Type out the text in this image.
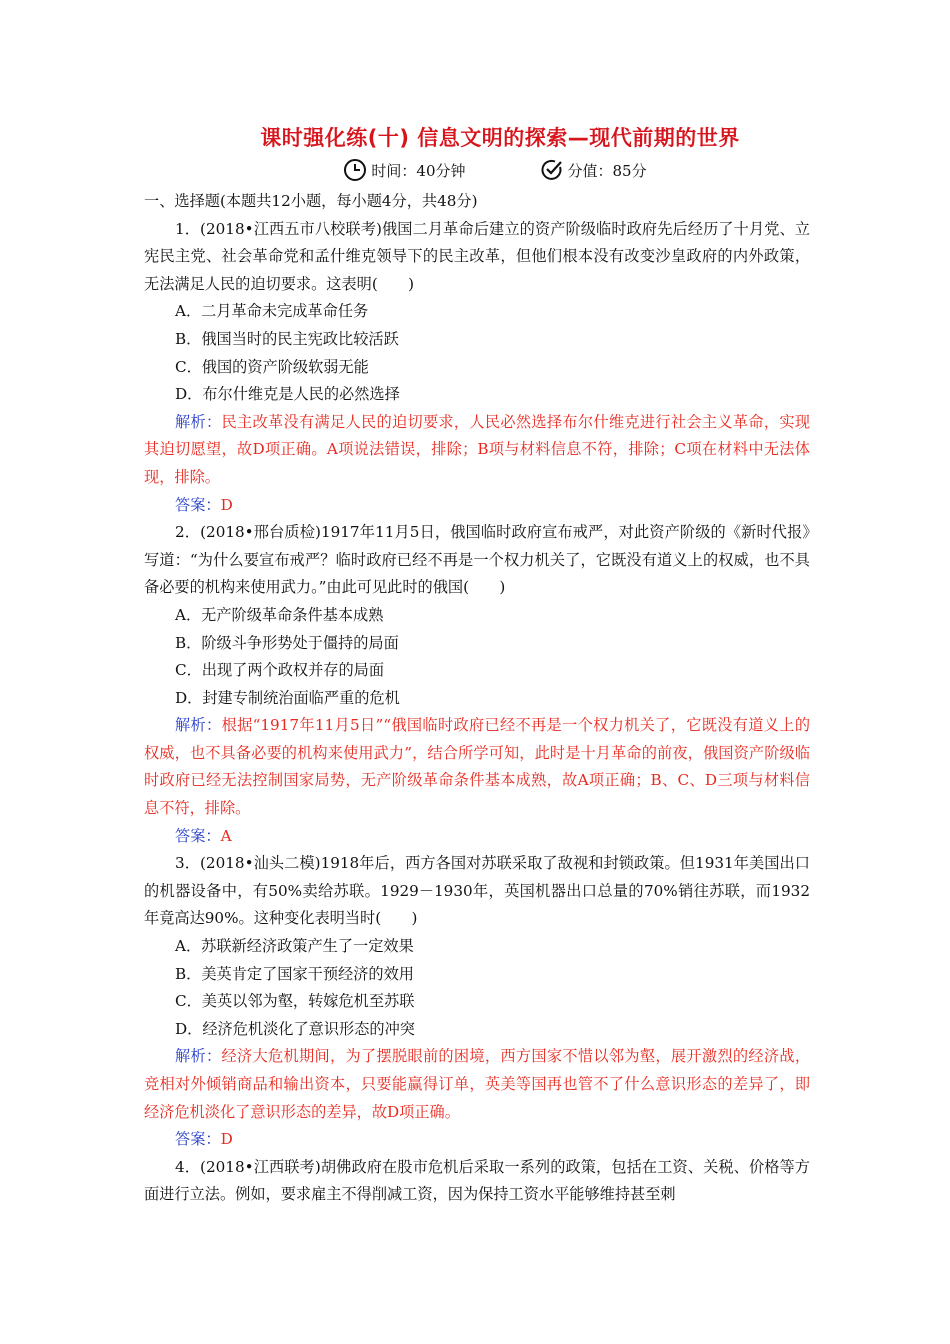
课时强化练(十) 信息文明的探索—现代前期的世界
时间：40分钟	分值：85分
一、选择题(本题共12小题，每小题4分，共48分)

1．(2018•江西五市八校联考)俄国二月革命后建立的资产阶级临时政府先后经历了十月党、立宪民主党、社会革命党和孟什维克领导下的民主改革，但他们根本没有改变沙皇政府的内外政策，无法满足人民的迫切要求。这表明(　　)

A．二月革命未完成革命任务
B．俄国当时的民主宪政比较活跃
C．俄国的资产阶级软弱无能
D．布尔什维克是人民的必然选择

解析：民主改革没有满足人民的迫切要求，人民必然选择布尔什维克进行社会主义革命，实现其迫切愿望，故D项正确。A项说法错误，排除；B项与材料信息不符，排除；C项在材料中无法体现，排除。

答案：D

2．(2018•邢台质检)1917年11月5日，俄国临时政府宣布戒严，对此资产阶级的《新时代报》写道：“为什么要宣布戒严？临时政府已经不再是一个权力机关了，它既没有道义上的权威，也不具备必要的机构来使用武力。”由此可见此时的俄国(　　)

A．无产阶级革命条件基本成熟
B．阶级斗争形势处于僵持的局面
C．出现了两个政权并存的局面
D．封建专制统治面临严重的危机

解析：根据“1917年11月5日”“俄国临时政府已经不再是一个权力机关了，它既没有道义上的权威，也不具备必要的机构来使用武力”，结合所学可知，此时是十月革命的前夜，俄国资产阶级临时政府已经无法控制国家局势，无产阶级革命条件基本成熟，故A项正确；B、C、D三项与材料信息不符，排除。

答案：A

3．(2018•汕头二模)1918年后，西方各国对苏联采取了敌视和封锁政策。但1931年美国出口的机器设备中，有50%卖给苏联。1929－1930年，英国机器出口总量的70%销往苏联，而1932年竟高达90%。这种变化表明当时(　　)

A．苏联新经济政策产生了一定效果
B．美英肯定了国家干预经济的效用
C．美英以邻为壑，转嫁危机至苏联
D．经济危机淡化了意识形态的冲突

解析：经济大危机期间，为了摆脱眼前的困境，西方国家不惜以邻为壑，展开激烈的经济战，竞相对外倾销商品和输出资本，只要能赢得订单，英美等国再也管不了什么意识形态的差异了，即经济危机淡化了意识形态的差异，故D项正确。

答案：D

4．(2018•江西联考)胡佛政府在股市危机后采取一系列的政策，包括在工资、关税、价格等方面进行立法。例如，要求雇主不得削减工资，因为保持工资水平能够维持甚至刺
